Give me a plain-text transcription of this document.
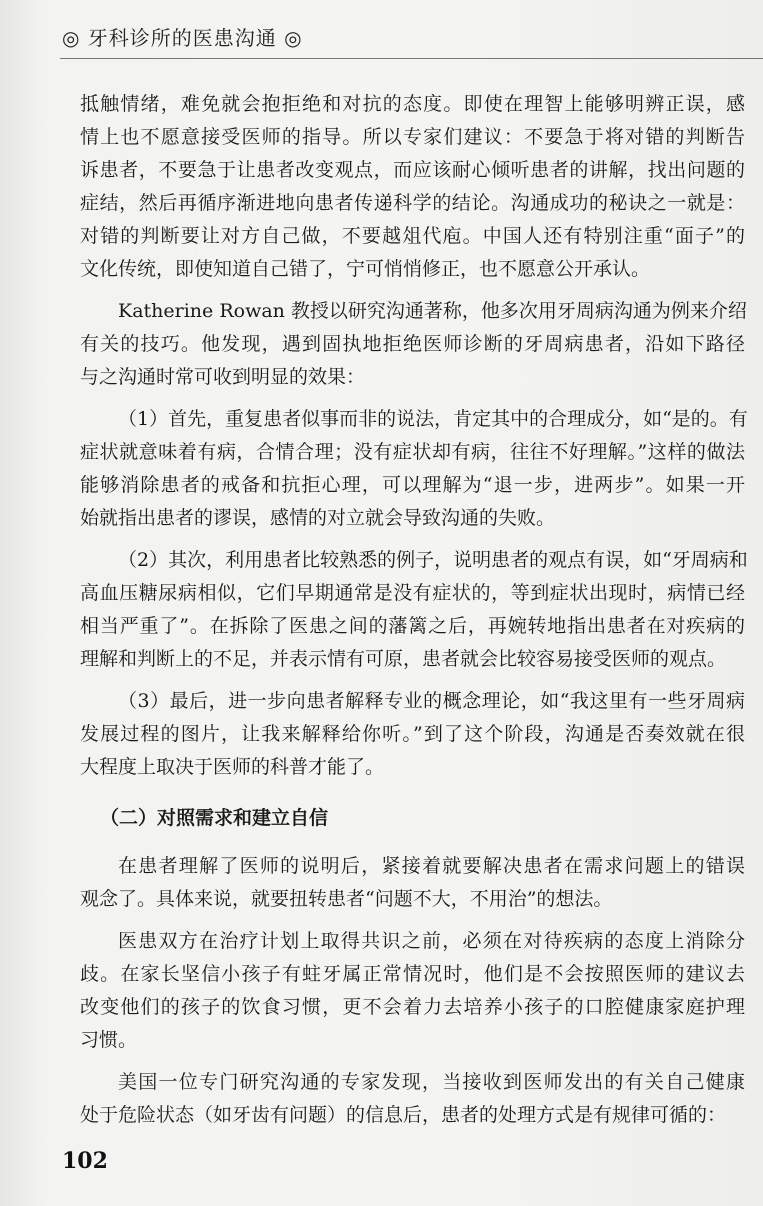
◎ 牙科诊所的医患沟通 ◎
抵触情绪，难免就会抱拒绝和对抗的态度。即使在理智上能够明辨正误，感
情上也不愿意接受医师的指导。所以专家们建议：不要急于将对错的判断告
诉患者，不要急于让患者改变观点，而应该耐心倾听患者的讲解，找出问题的
症结，然后再循序渐进地向患者传递科学的结论。沟通成功的秘诀之一就是：
对错的判断要让对方自己做，不要越俎代庖。中国人还有特别注重“面子”的
文化传统，即使知道自己错了，宁可悄悄修正，也不愿意公开承认。
Katherine Rowan 教授以研究沟通著称，他多次用牙周病沟通为例来介绍
有关的技巧。他发现，遇到固执地拒绝医师诊断的牙周病患者，沿如下路径
与之沟通时常可收到明显的效果：
（1）首先，重复患者似事而非的说法，肯定其中的合理成分，如“是的。有
症状就意味着有病，合情合理；没有症状却有病，往往不好理解。”这样的做法
能够消除患者的戒备和抗拒心理，可以理解为“退一步，进两步”。如果一开
始就指出患者的谬误，感情的对立就会导致沟通的失败。
（2）其次，利用患者比较熟悉的例子，说明患者的观点有误，如“牙周病和
高血压糖尿病相似，它们早期通常是没有症状的，等到症状出现时，病情已经
相当严重了”。在拆除了医患之间的藩篱之后，再婉转地指出患者在对疾病的
理解和判断上的不足，并表示情有可原，患者就会比较容易接受医师的观点。
（3）最后，进一步向患者解释专业的概念理论，如“我这里有一些牙周病
发展过程的图片，让我来解释给你听。”到了这个阶段，沟通是否奏效就在很
大程度上取决于医师的科普才能了。
（二）对照需求和建立自信
在患者理解了医师的说明后，紧接着就要解决患者在需求问题上的错误
观念了。具体来说，就要扭转患者“问题不大，不用治”的想法。
医患双方在治疗计划上取得共识之前，必须在对待疾病的态度上消除分
歧。在家长坚信小孩子有蛀牙属正常情况时，他们是不会按照医师的建议去
改变他们的孩子的饮食习惯，更不会着力去培养小孩子的口腔健康家庭护理
习惯。
美国一位专门研究沟通的专家发现，当接收到医师发出的有关自己健康
处于危险状态（如牙齿有问题）的信息后，患者的处理方式是有规律可循的：
102
